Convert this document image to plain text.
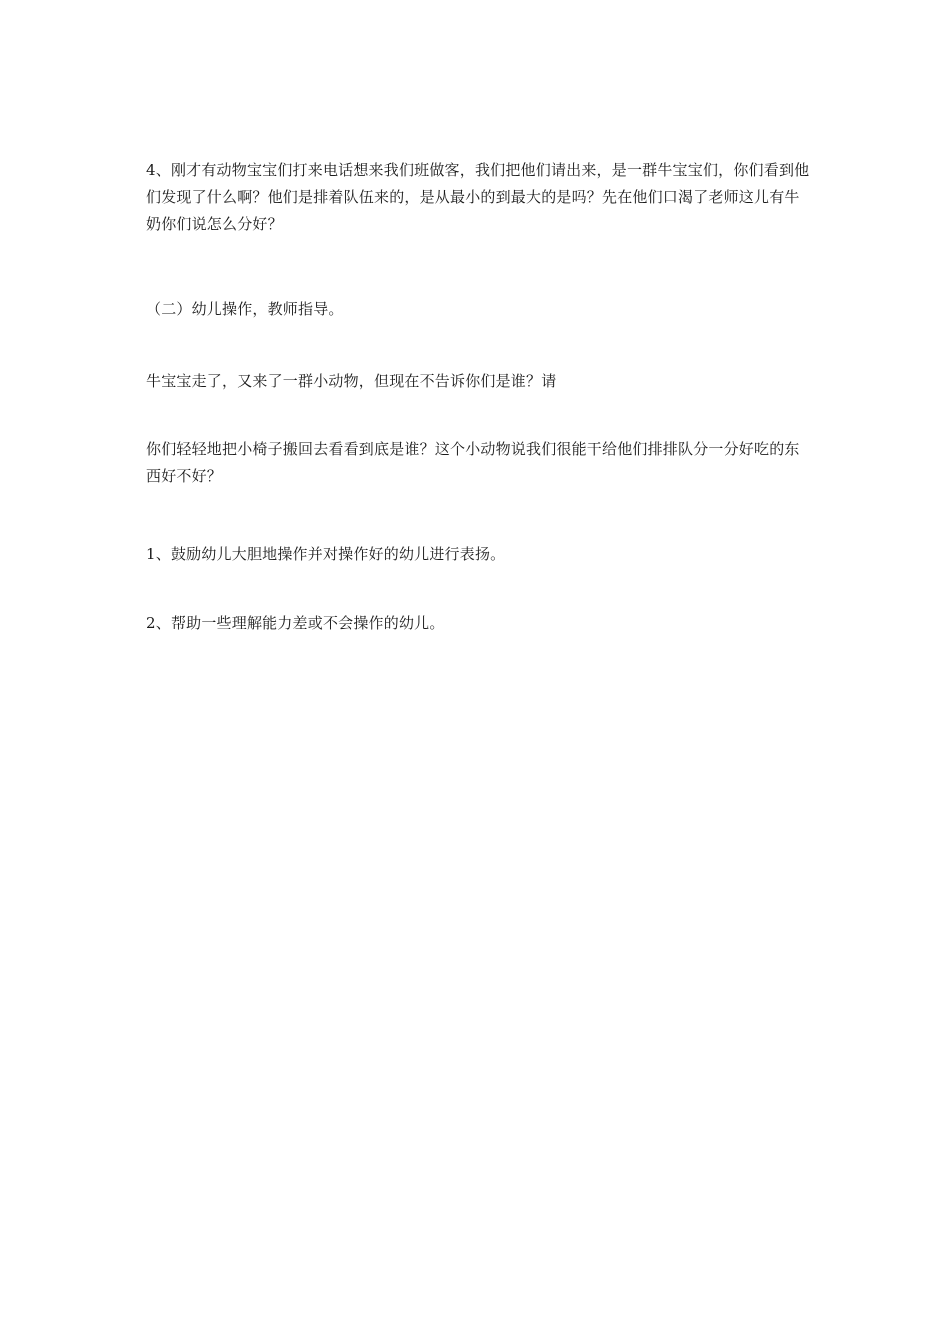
4、刚才有动物宝宝们打来电话想来我们班做客，我们把他们请出来，是一群牛宝宝们，你们看到他们发现了什么啊？他们是排着队伍来的，是从最小的到最大的是吗？先在他们口渴了老师这儿有牛奶你们说怎么分好？

（二）幼儿操作，教师指导。

牛宝宝走了，又来了一群小动物，但现在不告诉你们是谁？请

你们轻轻地把小椅子搬回去看看到底是谁？这个小动物说我们很能干给他们排排队分一分好吃的东西好不好？

1、鼓励幼儿大胆地操作并对操作好的幼儿进行表扬。

2、帮助一些理解能力差或不会操作的幼儿。
